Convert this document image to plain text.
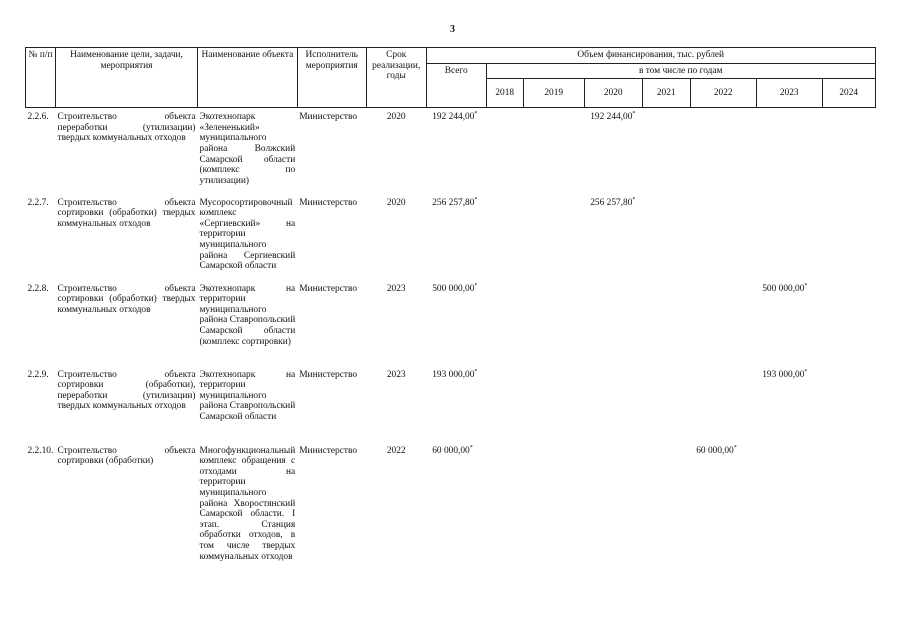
3
№ п/п	Наименование цели, задачи, мероприятия	Наименование объекта	Исполнитель мероприятия	Срок реализации, годы	Объем финансирования, тыс. рублей							
					Всего	в том числе по годам						
						2018	2019	2020	2021	2022	2023	2024
2.2.6.	Строительство объекта переработки (утилизации) твердых коммунальных отходов	Экотехнопарк «Зелененький» муниципального района Волжский Самарской области (комплекс по утилизации)	Министерство	2020	192 244,00*			192 244,00*				
2.2.7.	Строительство объекта сортировки (обработки) твердых коммунальных отходов	Мусоросортировочный комплекс «Сергиевский» на территории муниципального района Сергиевский Самарской области	Министерство	2020	256 257,80*			256 257,80*				
2.2.8.	Строительство объекта сортировки (обработки) твердых коммунальных отходов	Экотехнопарк на территории муниципального района Ставропольский Самарской области (комплекс сортировки)	Министерство	2023	500 000,00*						500 000,00*	
2.2.9.	Строительство объекта сортировки (обработки), переработки (утилизации) твердых коммунальных отходов	Экотехнопарк на территории муниципального района Ставропольский Самарской области	Министерство	2023	193 000,00*						193 000,00*	
2.2.10.	Строительство объекта сортировки (обработки)	Многофункциональный комплекс обращения с отходами на территории муниципального района Хворостянский Самарской области. I этап. Станция обработки отходов, в том числе твердых коммунальных отходов	Министерство	2022	60 000,00*					60 000,00*		
